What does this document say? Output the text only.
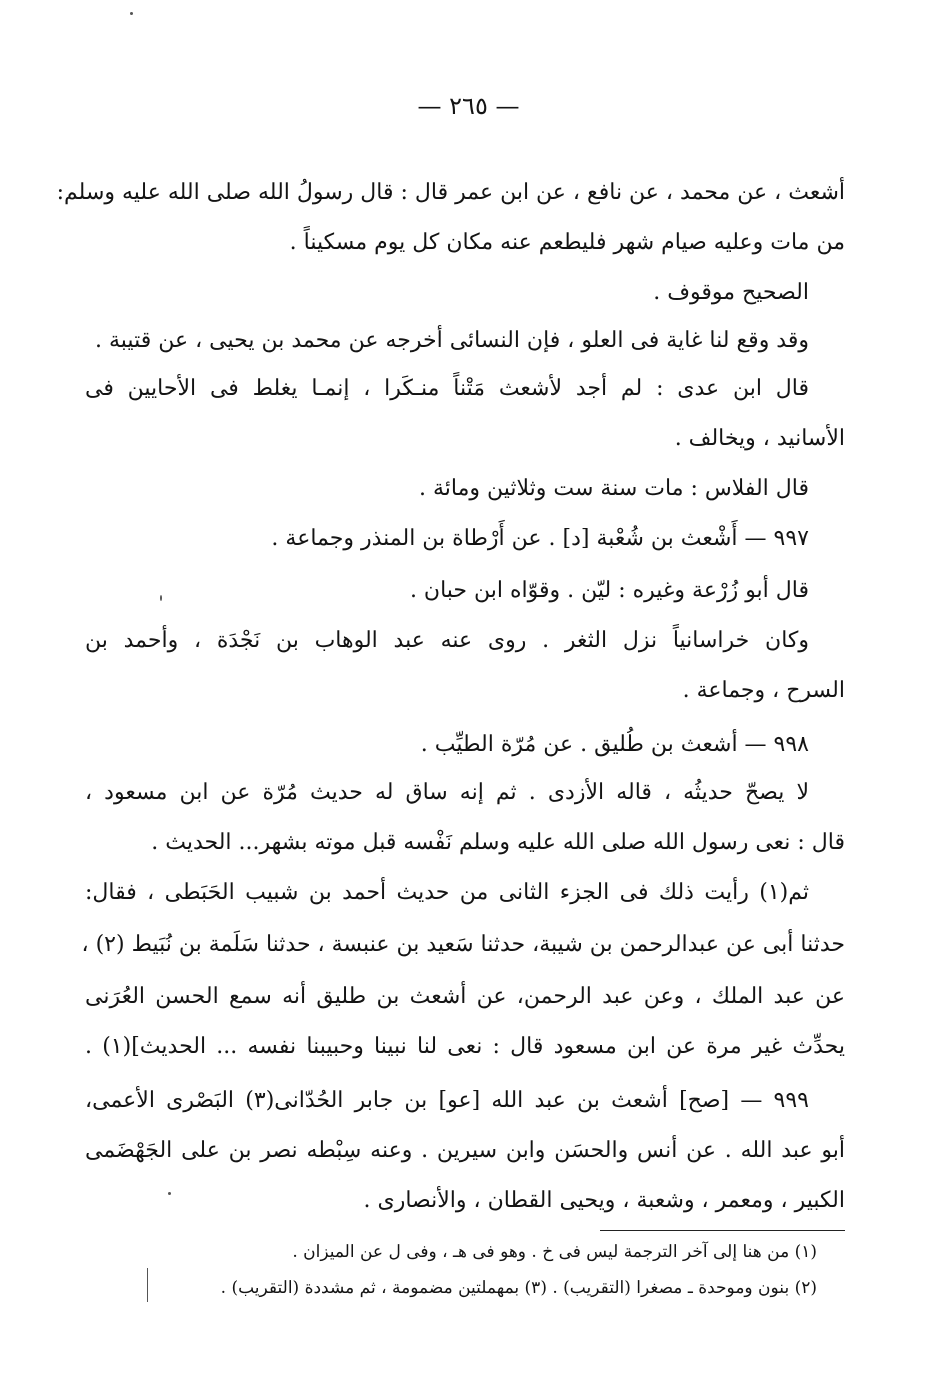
— ٢٦٥ —
أشعث ، عن محمد ، عن نافع ، عن ابن عمر قال : قال رسولُ الله صلى الله عليه وسلم:
من مات وعليه صيام شهر فليطعم عنه مكان كل يوم مسكيناً .
الصحيح موقوف .
وقد وقع لنا غاية فى العلو ، فإن النسائى أخرجه عن محمد بن يحيى ، عن قتيبة .
قال ابن عدى : لم أجد لأشعث مَتْناً منـكَرا ، إنمـا يغلط فى الأحايين فى
الأسانيد ، ويخالف .
قال الفلاس : مات سنة ست وثلاثين ومائة .
٩٩٧ — أَشْعث بن شُعْبة [د] . عن أَرْطاة بن المنذر وجماعة .
قال أبو زُرْعة وغيره : ليّن . وقوّاه ابن حبان .
وكان خراسانياً نزل الثغر . روى عنه عبد الوهاب بن نَجْدَة ، وأحمد بن
السرح ، وجماعة .
٩٩٨ — أشعث بن طُليق . عن مُرّة الطيِّب .
لا يصحّ حديثُه ، قاله الأزدى . ثم إنه ساق له حديث مُرّة عن ابن مسعود ،
قال : نعى رسول الله صلى الله عليه وسلم نَفْسه قبل موته بشهر... الحديث .
ثم(١) رأيت ذلك فى الجزء الثانى من حديث أحمد بن شبيب الحَبَطى ، فقال:
حدثنا أبى عن عبدالرحمن بن شيبة، حدثنا سَعيد بن عنبسة ، حدثنا سَلَمة بن نُبَيط (٢) ،
عن عبد الملك ، وعن عبد الرحمن، عن أشعث بن طليق أنه سمع الحسن العُرَنى
يحدِّث غير مرة عن ابن مسعود قال : نعى لنا نبينا وحبيبنا نفسه ... الحديث](١) .
٩٩٩ — [صح] أشعث بن عبد الله [عو] بن جابر الحُدّانى(٣) البَصْرى الأعمى،
أبو عبد الله . عن أنس والحسَن وابن سيرين . وعنه سِبْطه نصر بن على الجَهْضَمى
الكبير ، ومعمر ، وشعبة ، ويحيى القطان ، والأنصارى .
(١) من هنا إلى آخر الترجمة ليس فى خ . وهو فى هـ ، وفى ل عن الميزان .
(٢) بنون وموحدة ـ مصغرا (التقريب) . (٣) بمهملتين مضمومة ، ثم مشددة (التقريب) .
